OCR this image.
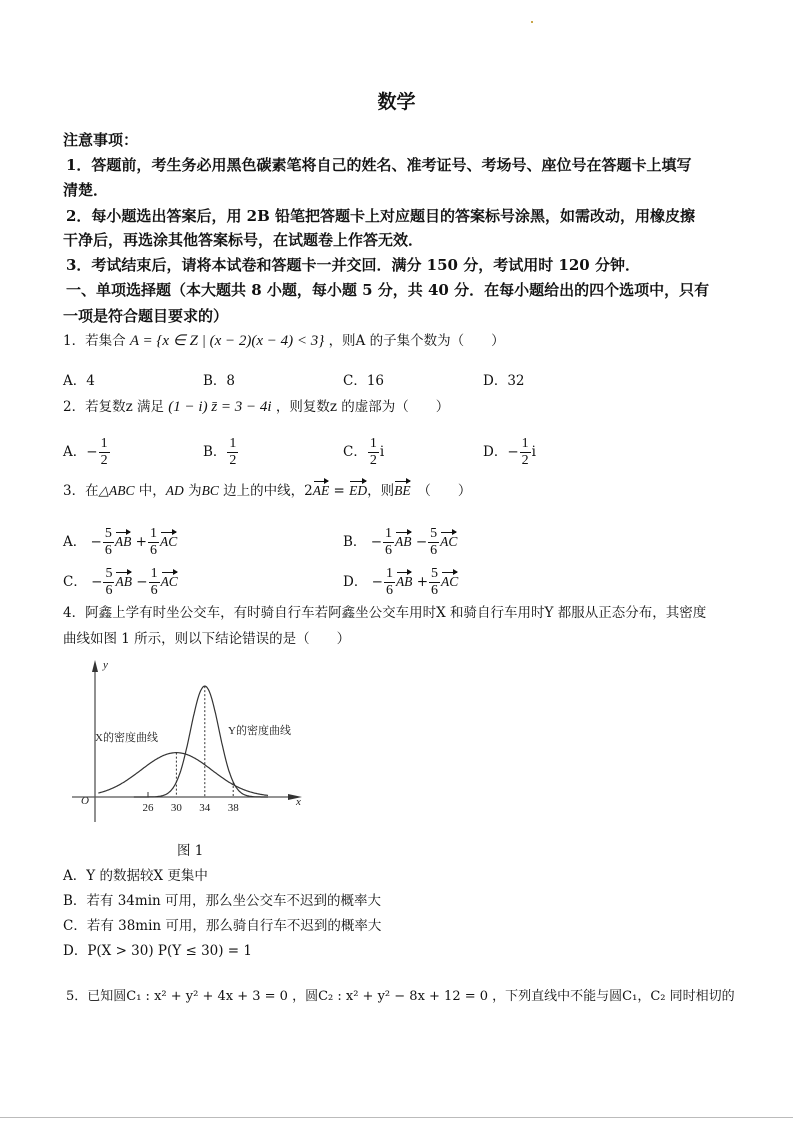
数学
注意事项：
1．答题前，考生务必用黑色碳素笔将自己的姓名、准考证号、考场号、座位号在答题卡上填写
清楚．
2．每小题选出答案后，用 2B 铅笔把答题卡上对应题目的答案标号涂黑，如需改动，用橡皮擦
干净后，再选涂其他答案标号，在试题卷上作答无效．
3．考试结束后，请将本试卷和答题卡一并交回．满分 150 分，考试用时 120 分钟．
一、单项选择题（本大题共 8 小题，每小题 5 分，共 40 分．在每小题给出的四个选项中，只有
一项是符合题目要求的）
1．若集合 A = {x ∈ Z | (x − 2)(x − 4) < 3} ，则A 的子集个数为（　　）
A．4	B．8	C．16	D．32
2．若复数z 满足 (1 − i) z̄ = 3 − 4i ，则复数z 的虚部为（　　）
A．− $\frac{1}{2}$	B． $\frac{1}{2}$	C． $\frac{1}{2}$ i	D．− $\frac{1}{2}$ i
3．在△ABC 中，AD 为BC 边上的中线，2AE = ED，则BE　（　　）
A． − $\frac{5}{6}$ AB + $\frac{1}{6}$ AC	B． − $\frac{1}{6}$ AB − $\frac{5}{6}$ AC
C． − $\frac{5}{6}$ AB − $\frac{1}{6}$ AC	D． − $\frac{1}{6}$ AB + $\frac{5}{6}$ AC
4．阿鑫上学有时坐公交车，有时骑自行车若阿鑫坐公交车用时X 和骑自行车用时Y 都服从正态分布，其密度
曲线如图 1 所示，则以下结论错误的是（　　）
y
x
O
X的密度曲线
Y的密度曲线
26 30 34 38
图 1
A．Y 的数据较X 更集中
B．若有 34min 可用，那么坐公交车不迟到的概率大
C．若有 38min 可用，那么骑自行车不迟到的概率大
D．P(X > 30) P(Y ≤ 30) = 1
5．已知圆C₁ : x² + y² + 4x + 3 = 0 ，圆C₂ : x² + y² − 8x + 12 = 0 ，下列直线中不能与圆C₁，C₂ 同时相切的
